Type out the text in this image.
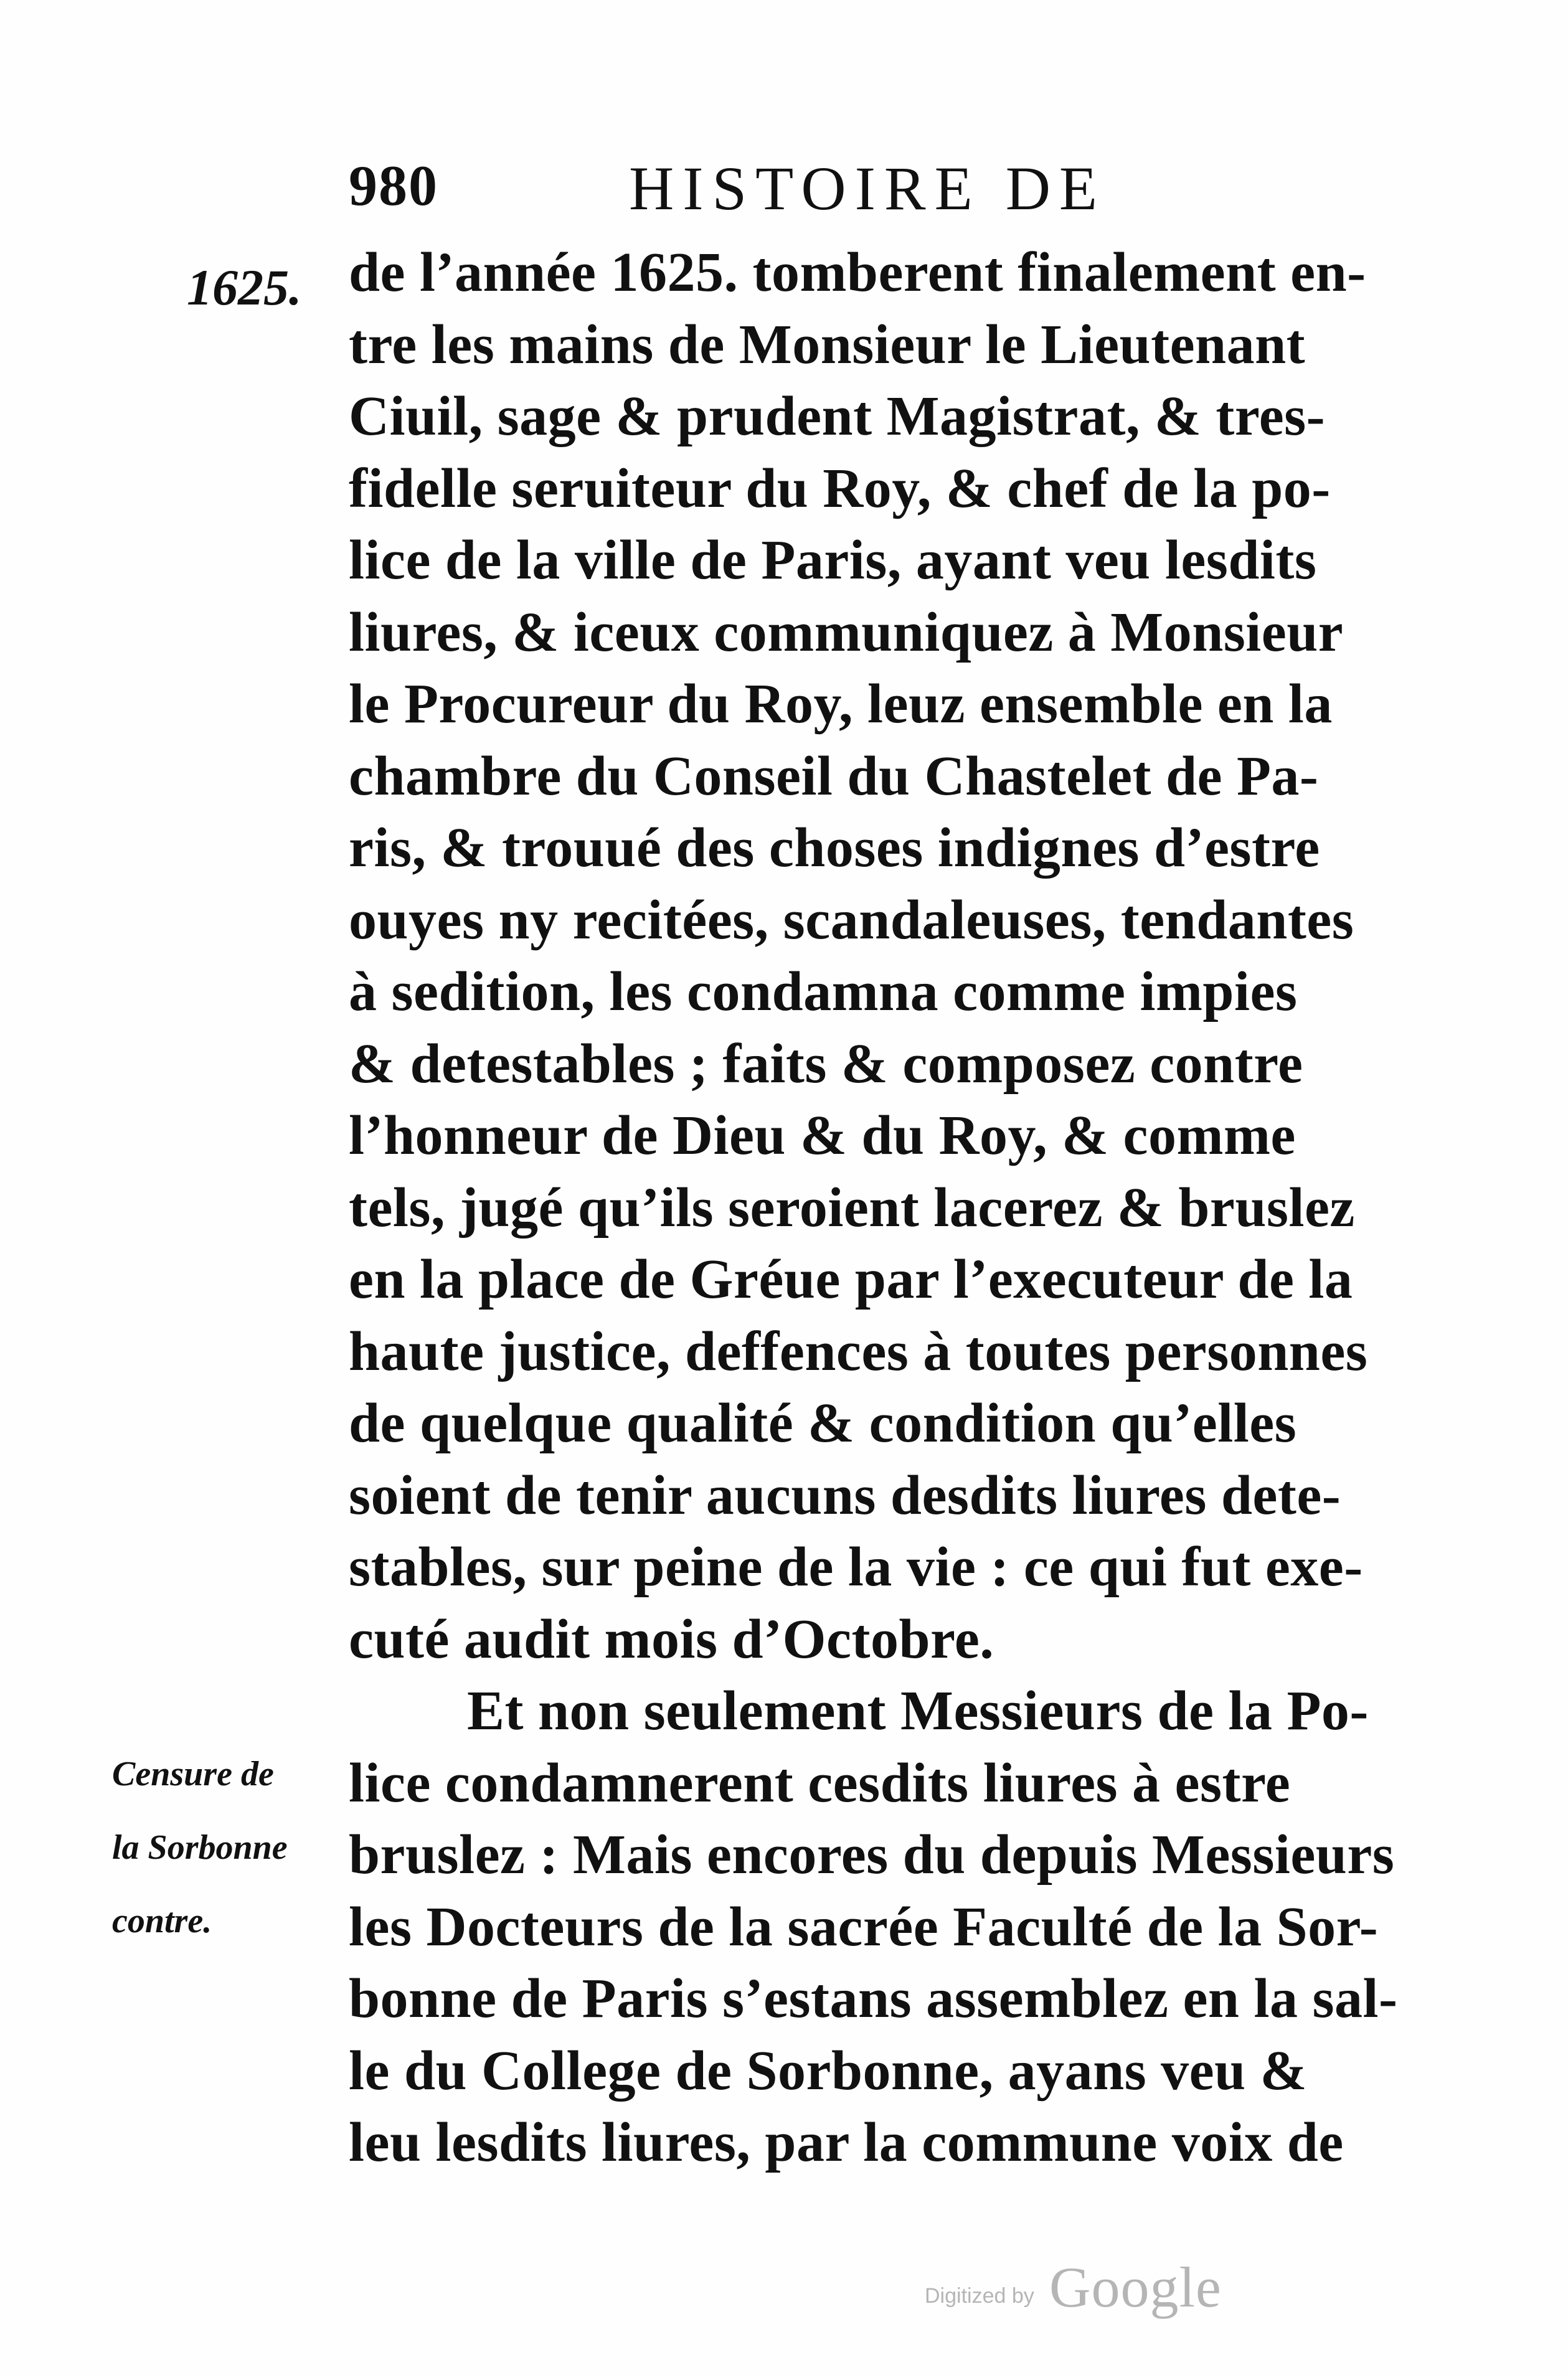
980	HISTOIRE DE
1625. de l’année 1625. tomberent finalement en-
tre les mains de Monsieur le Lieutenant
Ciuil, sage & prudent Magistrat, & tres-
fidelle seruiteur du Roy, & chef de la po-
lice de la ville de Paris, ayant veu lesdits
liures, & iceux communiquez à Monsieur
le Procureur du Roy, leuz ensemble en la
chambre du Conseil du Chastelet de Pa-
ris, & trouué des choses indignes d’estre
ouyes ny recitées, scandaleuses, tendantes
à sedition, les condamna comme impies
& detestables ; faits & composez contre
l’honneur de Dieu & du Roy, & comme
tels, jugé qu’ils seroient lacerez & bruslez
en la place de Gréue par l’executeur de la
haute justice, deffences à toutes personnes
de quelque qualité & condition qu’elles
soient de tenir aucuns desdits liures dete-
stables, sur peine de la vie : ce qui fut exe-
cuté audit mois d’Octobre.
Et non seulement Messieurs de la Po-
lice condamnerent cesdits liures à estre
bruslez : Mais encores du depuis Messieurs
les Docteurs de la sacrée Faculté de la Sor-
bonne de Paris s’estans assemblez en la sal-
le du College de Sorbonne, ayans veu &
leu lesdits liures, par la commune voix de
Censure de
la Sorbonne
contre.
Digitized by Google
